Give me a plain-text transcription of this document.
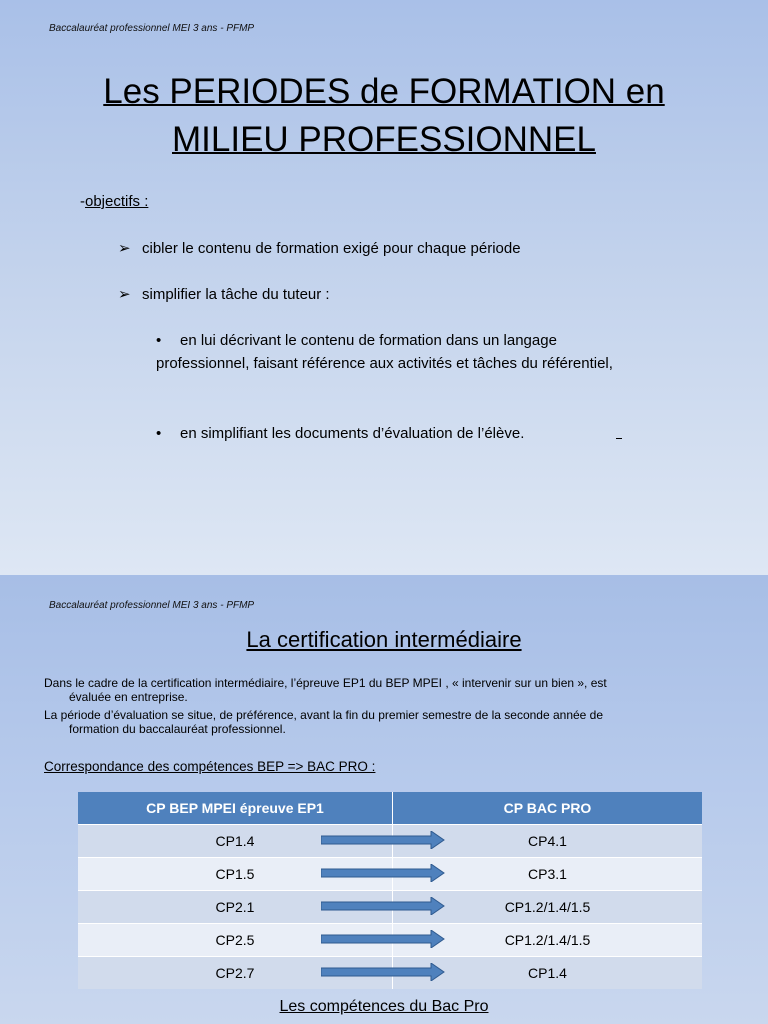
Baccalauréat professionnel MEI 3 ans - PFMP
Les PERIODES de FORMATION en
MILIEU PROFESSIONNEL
-objectifs :
➢ cibler le contenu de formation exigé pour chaque période
➢ simplifier la tâche du tuteur :
• en lui décrivant le contenu de formation dans un langage professionnel, faisant référence aux activités et tâches du référentiel,
• en simplifiant les documents d’évaluation de l’élève.
Baccalauréat professionnel MEI 3 ans - PFMP
La certification intermédiaire
Dans le cadre de la certification intermédiaire, l’épreuve EP1 du BEP MPEI , « intervenir sur un bien », est
évaluée en entreprise.
La période d’évaluation se situe, de préférence, avant la fin du premier semestre de la seconde année de
formation du baccalauréat professionnel.
Correspondance des compétences BEP => BAC PRO :
CP BEP MPEI épreuve EP1	CP BAC PRO
CP1.4	CP4.1
CP1.5	CP3.1
CP2.1	CP1.2/1.4/1.5
CP2.5	CP1.2/1.4/1.5
CP2.7	CP1.4
Les compétences du Bac Pro
